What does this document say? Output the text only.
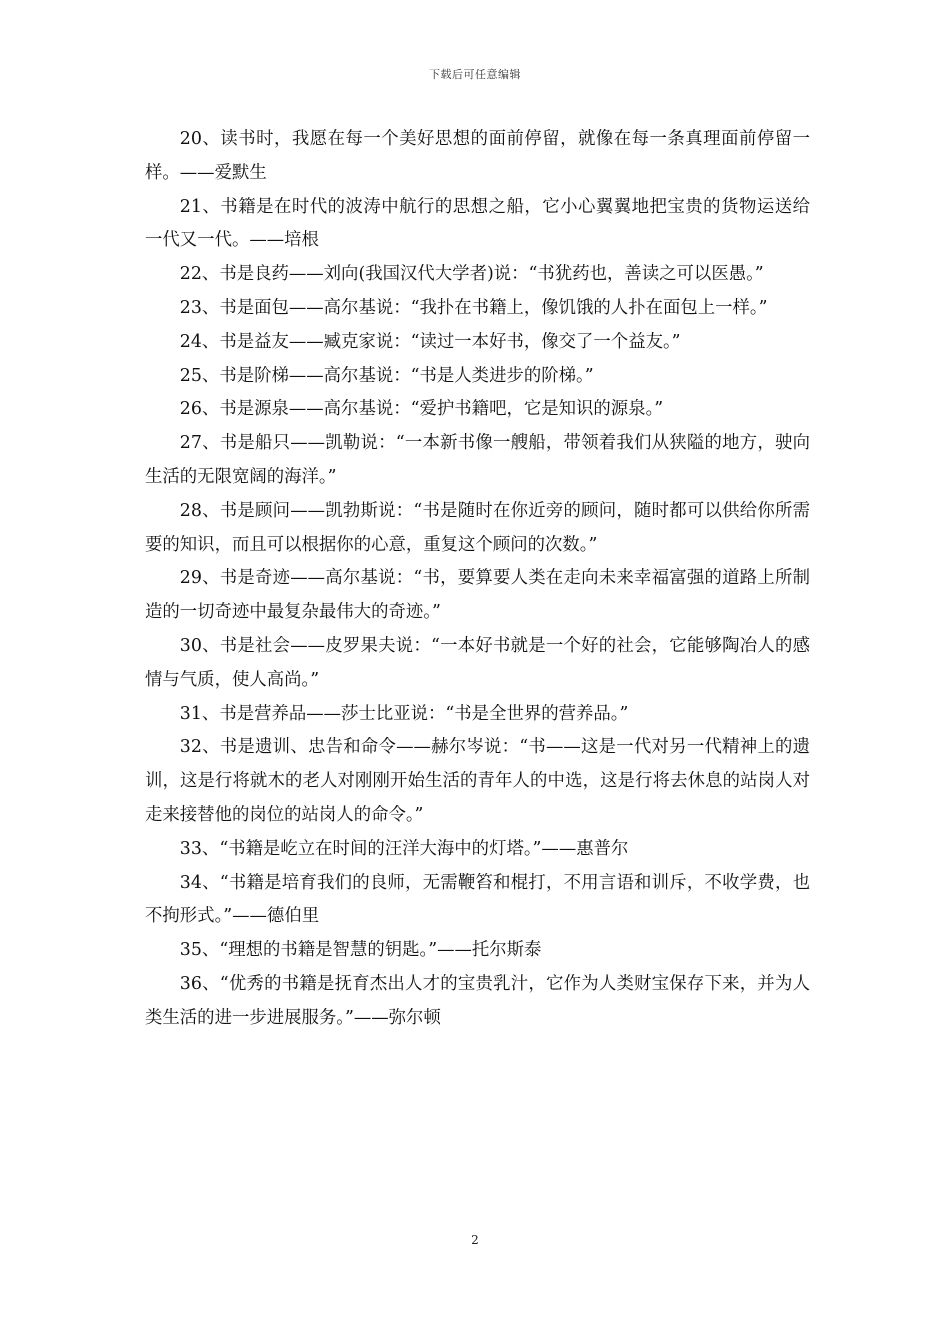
下载后可任意编辑

20、读书时，我愿在每一个美好思想的面前停留，就像在每一条真理面前停留一样。——爱默生

21、书籍是在时代的波涛中航行的思想之船，它小心翼翼地把宝贵的货物运送给一代又一代。——培根

22、书是良药——刘向(我国汉代大学者)说：“书犹药也，善读之可以医愚。”

23、书是面包——高尔基说：“我扑在书籍上，像饥饿的人扑在面包上一样。”

24、书是益友——臧克家说：“读过一本好书，像交了一个益友。”

25、书是阶梯——高尔基说：“书是人类进步的阶梯。”

26、书是源泉——高尔基说：“爱护书籍吧，它是知识的源泉。”

27、书是船只——凯勒说：“一本新书像一艘船，带领着我们从狭隘的地方，驶向生活的无限宽阔的海洋。”

28、书是顾问——凯勃斯说：“书是随时在你近旁的顾问，随时都可以供给你所需要的知识，而且可以根据你的心意，重复这个顾问的次数。”

29、书是奇迹——高尔基说：“书，要算要人类在走向未来幸福富强的道路上所制造的一切奇迹中最复杂最伟大的奇迹。”

30、书是社会——皮罗果夫说：“一本好书就是一个好的社会，它能够陶冶人的感情与气质，使人高尚。”

31、书是营养品——莎士比亚说：“书是全世界的营养品。”

32、书是遗训、忠告和命令——赫尔岑说：“书——这是一代对另一代精神上的遗训，这是行将就木的老人对刚刚开始生活的青年人的中选，这是行将去休息的站岗人对走来接替他的岗位的站岗人的命令。”

33、“书籍是屹立在时间的汪洋大海中的灯塔。”——惠普尔

34、“书籍是培育我们的良师，无需鞭笞和棍打，不用言语和训斥，不收学费，也不拘形式。”——德伯里

35、“理想的书籍是智慧的钥匙。”——托尔斯泰

36、“优秀的书籍是抚育杰出人才的宝贵乳汁，它作为人类财宝保存下来，并为人类生活的进一步进展服务。”——弥尔顿

2
